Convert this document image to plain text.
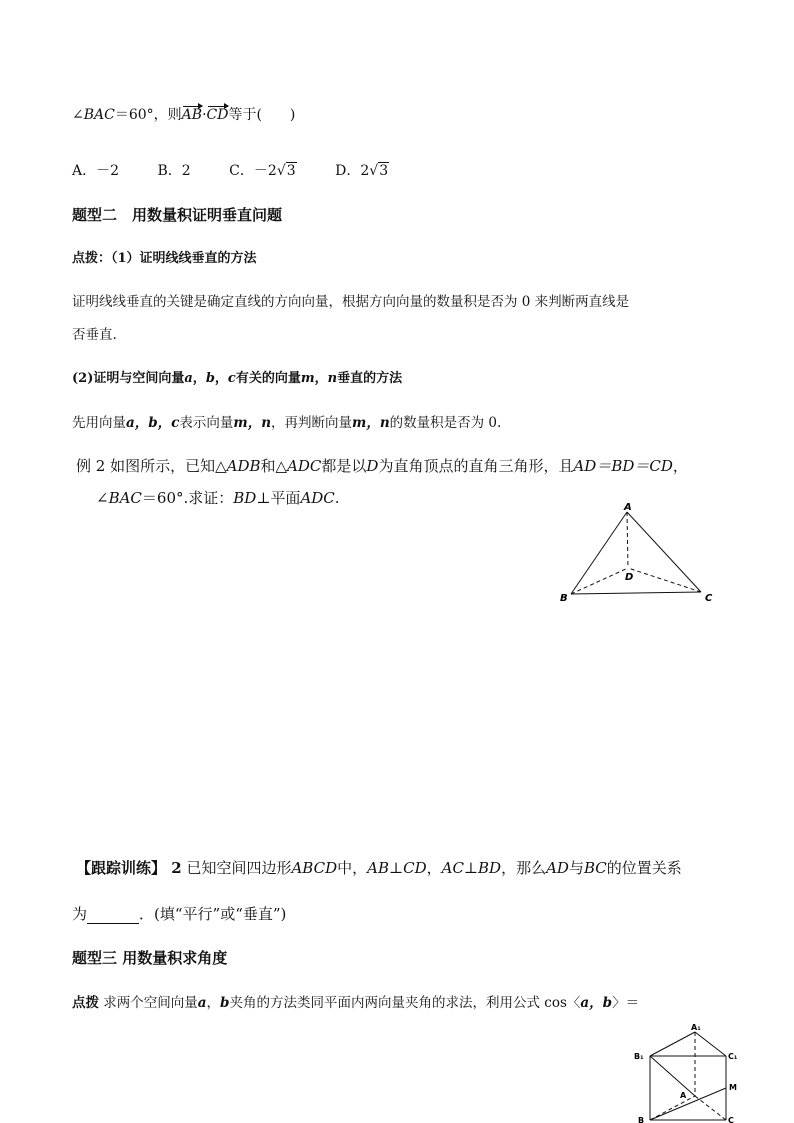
∠BAC＝60°，则AB·CD等于(　　)
A．－2	B．2	C．－2√3	D．2√3
题型二　用数量积证明垂直问题
点拨：（1）证明线线垂直的方法
证明线线垂直的关键是确定直线的方向向量，根据方向向量的数量积是否为 0 来判断两直线是
否垂直.
(2)证明与空间向量a，b，c有关的向量m，n垂直的方法
先用向量a，b，c表示向量m，n，再判断向量m，n的数量积是否为 0.
例 2 如图所示，已知△ADB和△ADC都是以D为直角顶点的直角三角形，且AD＝BD＝CD，
∠BAC＝60°.求证：BD⊥平面ADC.
A
B	C
D
【跟踪训练】 2 已知空间四边形ABCD中，AB⊥CD，AC⊥BD，那么AD与BC的位置关系
为	．(填“平行”或“垂直”)
题型三 用数量积求角度
点拨 求两个空间向量a，b夹角的方法类同平面内两向量夹角的求法，利用公式 cos〈a，b〉＝
A₁
B₁	C₁
M
A
B	C
